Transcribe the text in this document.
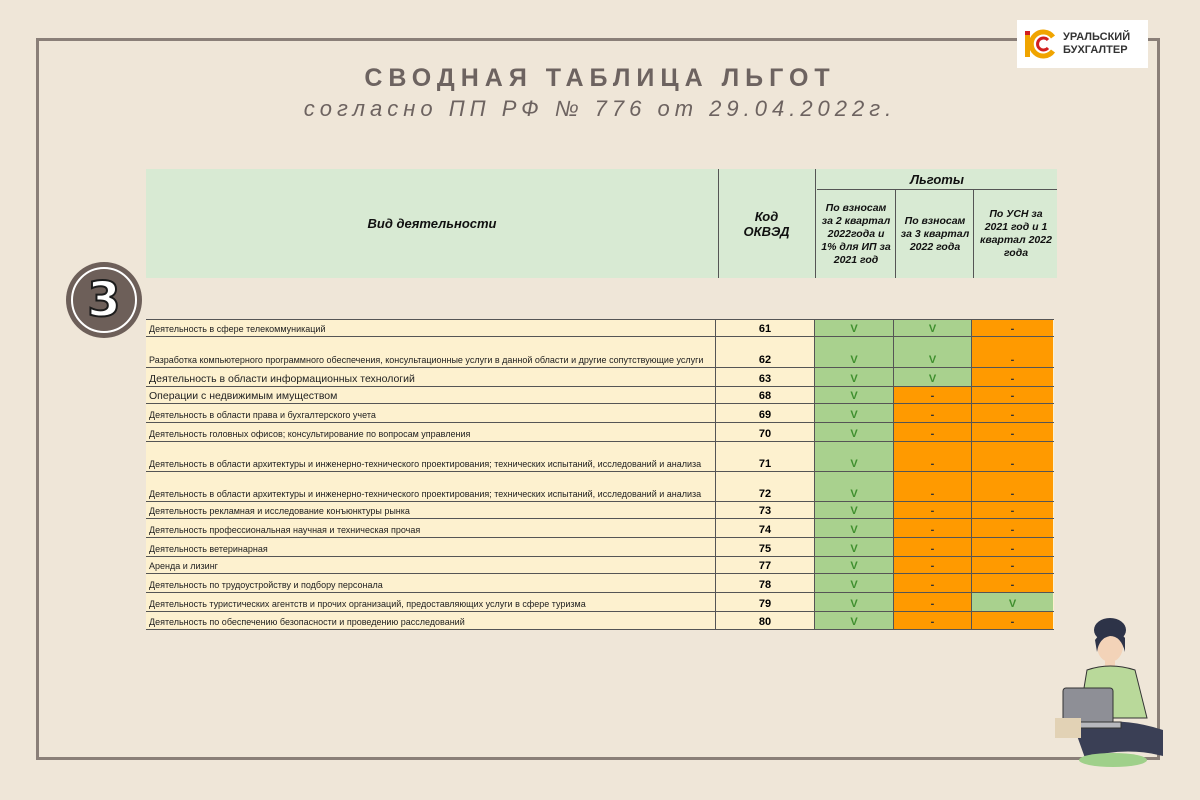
УРАЛЬСКИЙ
БУХГАЛТЕР
СВОДНАЯ ТАБЛИЦА ЛЬГОТ
согласно ПП РФ № 776 от 29.04.2022г.
3
Вид деятельности	Код ОКВЭД
Льготы
По взносам за 2 квартал 2022года и 1% для ИП за 2021 год
По взносам за 3 квартал 2022 года
По УСН за 2021 год и 1 квартал 2022 года
Деятельность в сфере телекоммуникаций	61	V	V	-
Разработка компьютерного программного обеспечения, консультационные услуги в данной области и другие сопутствующие услуги	62	V	V	-
Деятельность в области информационных технологий	63	V	V	-
Операции с недвижимым имуществом	68	V	-	-
Деятельность в области права и бухгалтерского учета	69	V	-	-
Деятельность головных офисов; консультирование по вопросам управления	70	V	-	-
Деятельность в области архитектуры и инженерно-технического проектирования; технических испытаний, исследований и анализа	71	V	-	-
Деятельность в области архитектуры и инженерно-технического проектирования; технических испытаний, исследований и анализа	72	V	-	-
Деятельность рекламная и исследование конъюнктуры рынка	73	V	-	-
Деятельность профессиональная научная и техническая прочая	74	V	-	-
Деятельность ветеринарная	75	V	-	-
Аренда и лизинг	77	V	-	-
Деятельность по трудоустройству и подбору персонала	78	V	-	-
Деятельность туристических агентств и прочих организаций, предоставляющих услуги в сфере туризма	79	V	-	V
Деятельность по обеспечению безопасности и проведению расследований	80	V	-	-
